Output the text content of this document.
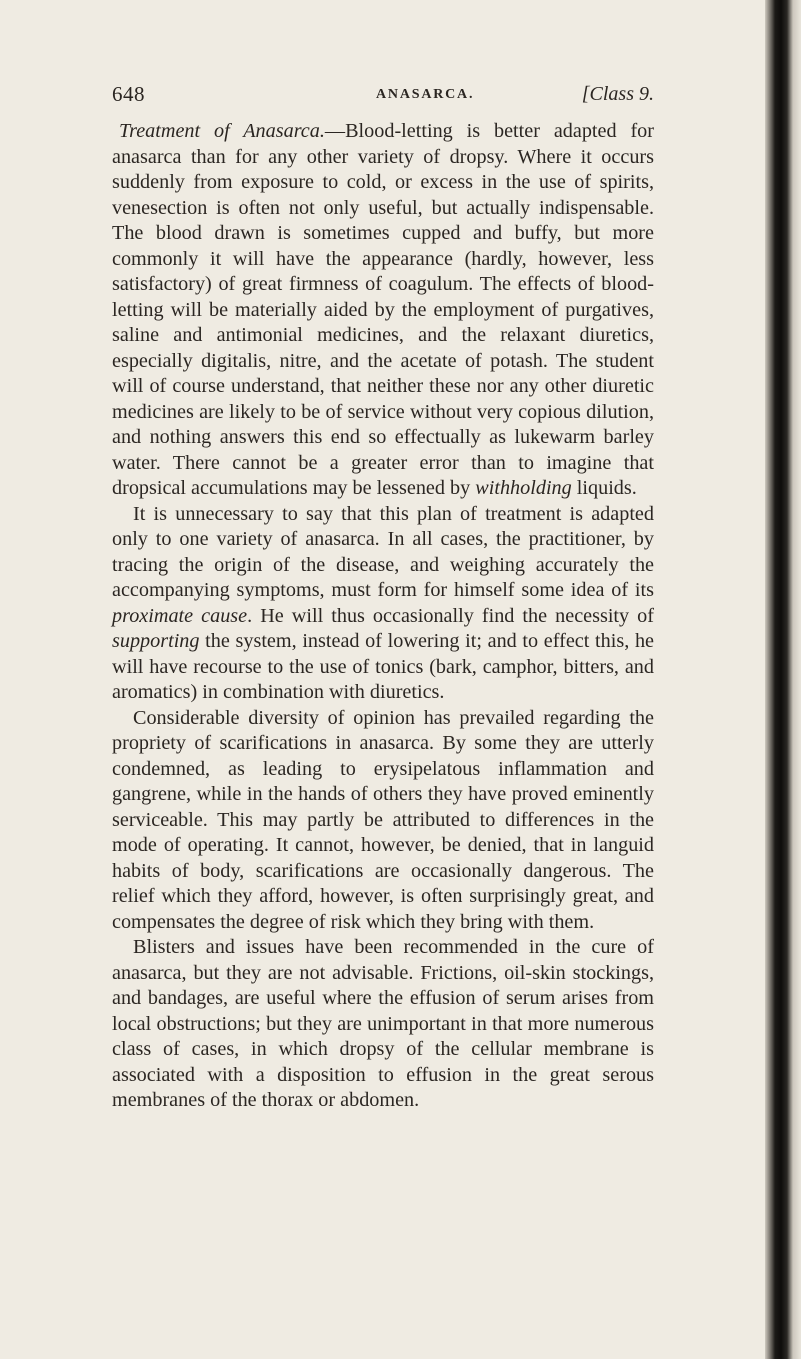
648	ANASARCA.	[Class 9.

Treatment of Anasarca.—Blood-letting is better adapted for anasarca than for any other variety of dropsy. Where it occurs suddenly from exposure to cold, or excess in the use of spirits, venesection is often not only useful, but actually indispensable. The blood drawn is sometimes cupped and buffy, but more commonly it will have the appearance (hardly, however, less satisfactory) of great firmness of coagulum. The effects of blood-letting will be materially aided by the employment of purgatives, saline and antimonial medicines, and the relaxant diuretics, especially digitalis, nitre, and the acetate of potash. The student will of course understand, that neither these nor any other diuretic medicines are likely to be of service without very copious dilution, and nothing answers this end so effectually as lukewarm barley water. There cannot be a greater error than to imagine that dropsical accumulations may be lessened by withholding liquids.

It is unnecessary to say that this plan of treatment is adapted only to one variety of anasarca. In all cases, the practitioner, by tracing the origin of the disease, and weighing accurately the accompanying symptoms, must form for himself some idea of its proximate cause. He will thus occasionally find the necessity of supporting the system, instead of lowering it; and to effect this, he will have recourse to the use of tonics (bark, camphor, bitters, and aromatics) in combination with diuretics.

Considerable diversity of opinion has prevailed regarding the propriety of scarifications in anasarca. By some they are utterly condemned, as leading to erysipelatous inflammation and gangrene, while in the hands of others they have proved eminently serviceable. This may partly be attributed to differences in the mode of operating. It cannot, however, be denied, that in languid habits of body, scarifications are occasionally dangerous. The relief which they afford, however, is often surprisingly great, and compensates the degree of risk which they bring with them.

Blisters and issues have been recommended in the cure of anasarca, but they are not advisable. Frictions, oil-skin stockings, and bandages, are useful where the effusion of serum arises from local obstructions; but they are unimportant in that more numerous class of cases, in which dropsy of the cellular membrane is associated with a disposition to effusion in the great serous membranes of the thorax or abdomen.
